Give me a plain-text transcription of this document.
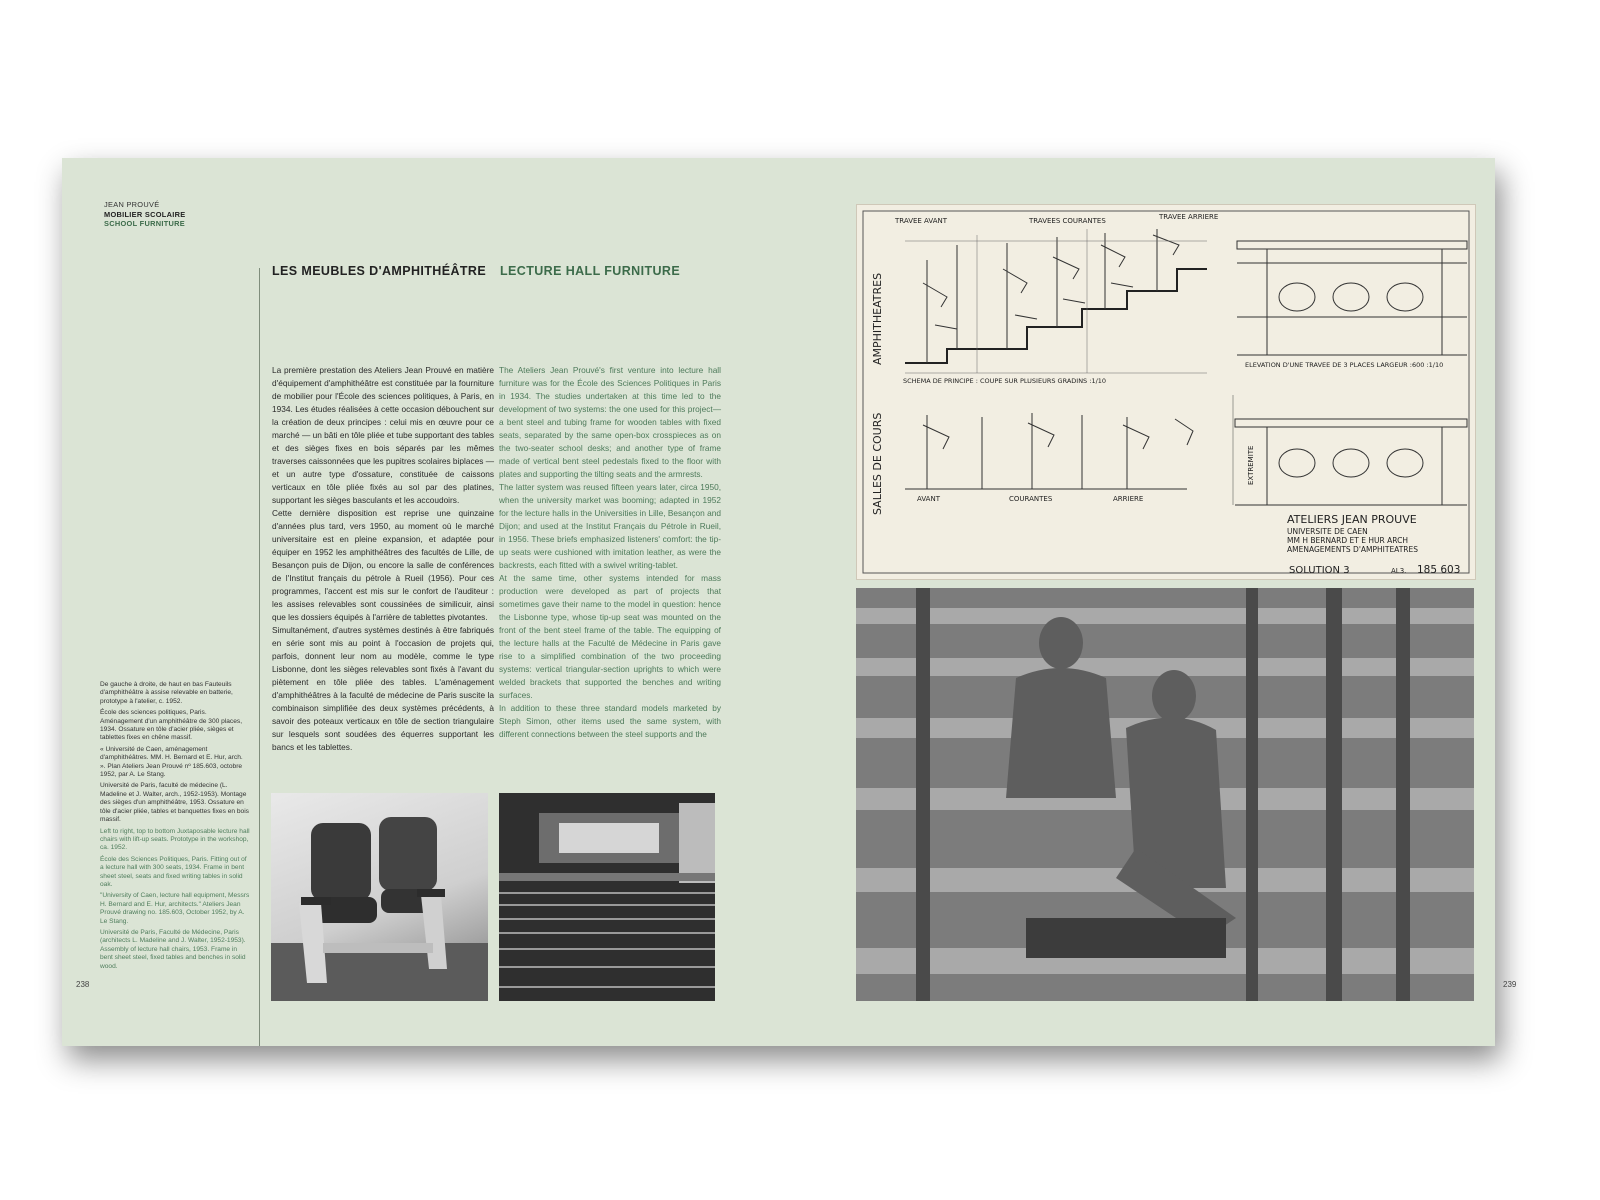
JEAN PROUVÉ
MOBILIER SCOLAIRE
SCHOOL FURNITURE
LES MEUBLES D'AMPHITHÉÂTRE LECTURE HALL FURNITURE

La première prestation des Ateliers Jean Prouvé en matière d'équipement d'amphithéâtre est constituée par la fourniture de mobilier pour l'École des sciences politiques, à Paris, en 1934. Les études réalisées à cette occasion débouchent sur la création de deux principes : celui mis en œuvre pour ce marché — un bâti en tôle pliée et tube supportant des tables et des sièges fixes en bois séparés par les mêmes traverses caissonnées que les pupitres scolaires biplaces — et un autre type d'ossature, constituée de caissons verticaux en tôle pliée fixés au sol par des platines, supportant les sièges basculants et les accoudoirs.

Cette dernière disposition est reprise une quinzaine d'années plus tard, vers 1950, au moment où le marché universitaire est en pleine expansion, et adaptée pour équiper en 1952 les amphithéâtres des facultés de Lille, de Besançon puis de Dijon, ou encore la salle de conférences de l'Institut français du pétrole à Rueil (1956). Pour ces programmes, l'accent est mis sur le confort de l'auditeur : les assises relevables sont coussinées de similicuir, ainsi que les dossiers équipés à l'arrière de tablettes pivotantes.

Simultanément, d'autres systèmes destinés à être fabriqués en série sont mis au point à l'occasion de projets qui, parfois, donnent leur nom au modèle, comme le type Lisbonne, dont les sièges relevables sont fixés à l'avant du piètement en tôle pliée des tables. L'aménagement d'amphithéâtres à la faculté de médecine de Paris suscite la combinaison simplifiée des deux systèmes précédents, à savoir des poteaux verticaux en tôle de section triangulaire sur lesquels sont soudées des équerres supportant les bancs et les tablettes.

The Ateliers Jean Prouvé's first venture into lecture hall furniture was for the École des Sciences Politiques in Paris in 1934. The studies undertaken at this time led to the development of two systems: the one used for this project—a bent steel and tubing frame for wooden tables with fixed seats, separated by the same open-box crosspieces as on the two-seater school desks; and another type of frame made of vertical bent steel pedestals fixed to the floor with plates and supporting the tilting seats and the armrests.

The latter system was reused fifteen years later, circa 1950, when the university market was booming; adapted in 1952 for the lecture halls in the Universities in Lille, Besançon and Dijon; and used at the Institut Français du Pétrole in Rueil, in 1956. These briefs emphasized listeners' comfort: the tip-up seats were cushioned with imitation leather, as were the backrests, each fitted with a swivel writing-tablet.

At the same time, other systems intended for mass production were developed as part of projects that sometimes gave their name to the model in question: hence the Lisbonne type, whose tip-up seat was mounted on the front of the bent steel frame of the table. The equipping of the lecture halls at the Faculté de Médecine in Paris gave rise to a simplified combination of the two proceeding systems: vertical triangular-section uprights to which were welded brackets that supported the benches and writing surfaces.

In addition to these three standard models marketed by Steph Simon, other items used the same system, with different connections between the steel supports and the

De gauche à droite, de haut en bas Fauteuils d'amphithéâtre à assise relevable en batterie, prototype à l'atelier, c. 1952.

École des sciences politiques, Paris. Aménagement d'un amphithéâtre de 300 places, 1934. Ossature en tôle d'acier pliée, sièges et tablettes fixes en chêne massif.

« Université de Caen, aménagement d'amphithéâtres. MM. H. Bernard et E. Hur, arch. ». Plan Ateliers Jean Prouvé nº 185.603, octobre 1952, par A. Le Stang.

Université de Paris, faculté de médecine (L. Madeline et J. Walter, arch., 1952-1953). Montage des sièges d'un amphithéâtre, 1953. Ossature en tôle d'acier pliée, tables et banquettes fixes en bois massif.

Left to right, top to bottom Juxtaposable lecture hall chairs with lift-up seats. Prototype in the workshop, ca. 1952.

École des Sciences Politiques, Paris. Fitting out of a lecture hall with 300 seats, 1934. Frame in bent sheet steel, seats and fixed writing tables in solid oak.

"University of Caen, lecture hall equipment, Messrs H. Bernard and E. Hur, architects." Ateliers Jean Prouvé drawing no. 185.603, October 1952, by A. Le Stang.

Université de Paris, Faculté de Médecine, Paris (architects L. Madeline and J. Walter, 1952-1953). Assembly of lecture hall chairs, 1953. Frame in bent sheet steel, fixed tables and benches in solid wood.

238	239
AMPHITHEATRES
SALLES DE COURS
TRAVEE AVANT	TRAVEES COURANTES	TRAVEE ARRIERE
SCHEMA DE PRINCIPE : COUPE SUR PLUSIEURS GRADINS :1/10
ELEVATION D'UNE TRAVEE DE 3 PLACES LARGEUR :600 :1/10
AVANT	COURANTES	ARRIERE
EXTREMITE
ATELIERS JEAN PROUVE
UNIVERSITE DE CAEN
MM H BERNARD ET E HUR ARCH
AMENAGEMENTS D'AMPHITEATRES
SOLUTION 3	AL3. 185 603
